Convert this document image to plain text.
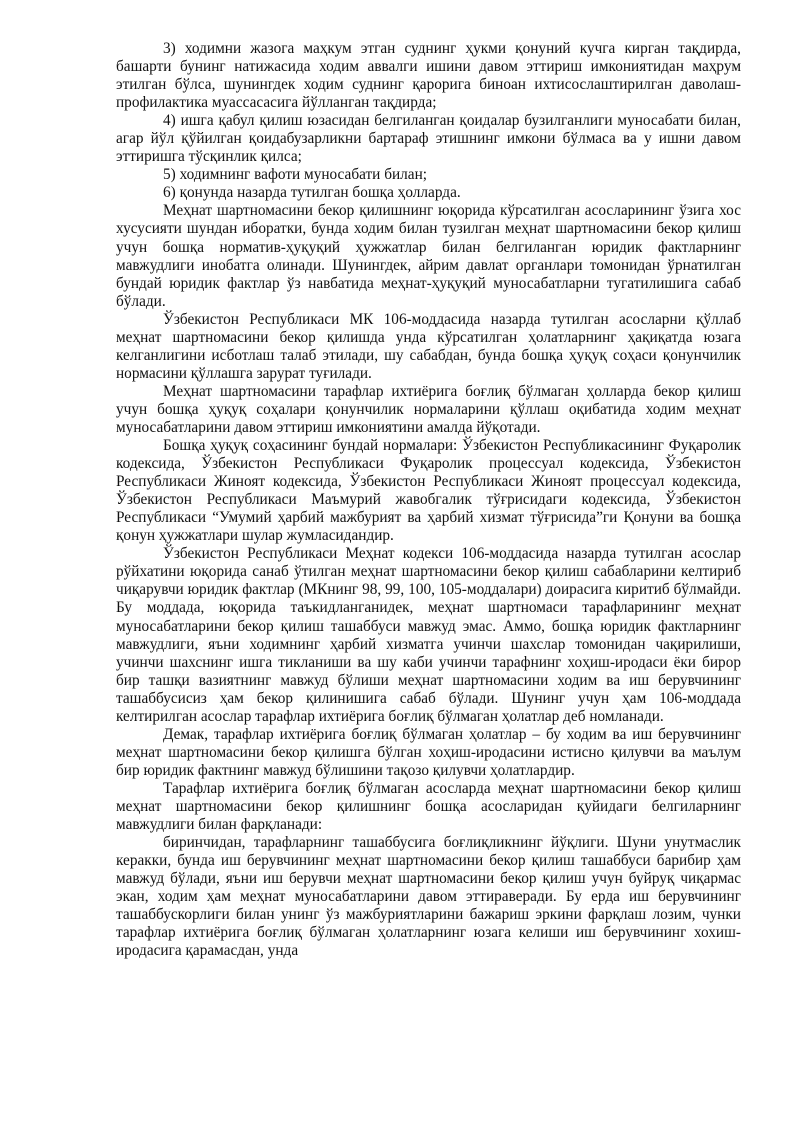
3) ходимни жазога маҳкум этган суднинг ҳукми қонуний кучга кирган тақдирда, башарти бунинг натижасида ходим аввалги ишини давом эттириш имкониятидан маҳрум этилган бўлса, шунингдек ходим суднинг қарорига биноан ихтисослаштирилган даволаш-профилактика муассасасига йўлланган тақдирда;

4) ишга қабул қилиш юзасидан белгиланган қоидалар бузилганлиги муносабати билан, агар йўл қўйилган қоидабузарликни бартараф этишнинг имкони бўлмаса ва у ишни давом эттиришга тўсқинлик қилса;

5) ходимнинг вафоти муносабати билан;

6) қонунда назарда тутилган бошқа ҳолларда.

Меҳнат шартномасини бекор қилишнинг юқорида кўрсатилган асосларининг ўзига хос хусусияти шундан иборатки, бунда ходим билан тузилган меҳнат шартномасини бекор қилиш учун бошқа норматив-ҳуқуқий ҳужжатлар билан белгиланган юридик фактларнинг мавжудлиги инобатга олинади. Шунингдек, айрим давлат органлари томонидан ўрнатилган бундай юридик фактлар ўз навбатида меҳнат-ҳуқуқий муносабатларни тугатилишига сабаб бўлади.

Ўзбекистон Республикаси МК 106-моддасида назарда тутилган асосларни қўллаб меҳнат шартномасини бекор қилишда унда кўрсатилган ҳолатларнинг ҳақиқатда юзага келганлигини исботлаш талаб этилади, шу сабабдан, бунда бошқа ҳуқуқ соҳаси қонунчилик нормасини қўллашга зарурат туғилади.

Меҳнат шартномасини тарафлар ихтиёрига боғлиқ бўлмаган ҳолларда бекор қилиш учун бошқа ҳуқуқ соҳалари қонунчилик нормаларини қўллаш оқибатида ходим меҳнат муносабатларини давом эттириш имкониятини амалда йўқотади.

Бошқа ҳуқуқ соҳасининг бундай нормалари: Ўзбекистон Республикасининг Фуқаролик кодексида, Ўзбекистон Республикаси Фуқаролик процессуал кодексида, Ўзбекистон Республикаси Жиноят кодексида, Ўзбекистон Республикаси Жиноят процессуал кодексида, Ўзбекистон Республикаси Маъмурий жавобгалик тўғрисидаги кодексида, Ўзбекистон Республикаси “Умумий ҳарбий мажбурият ва ҳарбий хизмат тўғрисида”ги Қонуни ва бошқа қонун ҳужжатлари шулар жумласидандир.

Ўзбекистон Республикаси Меҳнат кодекси 106-моддасида назарда тутилган асослар рўйхатини юқорида санаб ўтилган меҳнат шартномасини бекор қилиш сабабларини келтириб чиқарувчи юридик фактлар (МКнинг 98, 99, 100, 105-моддалари) доирасига киритиб бўлмайди. Бу моддада, юқорида таъкидланганидек, меҳнат шартномаси тарафларининг меҳнат муносабатларини бекор қилиш ташаббуси мавжуд эмас. Аммо, бошқа юридик фактларнинг мавжудлиги, яъни ходимнинг ҳарбий хизматга учинчи шахслар томонидан чақирилиши, учинчи шахснинг ишга тикланиши ва шу каби учинчи тарафнинг хоҳиш-иродаси ёки бирор бир ташқи вазиятнинг мавжуд бўлиши меҳнат шартномасини ходим ва иш берувчининг ташаббусисиз ҳам бекор қилинишига сабаб бўлади. Шунинг учун ҳам 106-моддада келтирилган асослар тарафлар ихтиёрига боғлиқ бўлмаган ҳолатлар деб номланади.

Демак, тарафлар ихтиёрига боғлиқ бўлмаган ҳолатлар – бу ходим ва иш берувчининг меҳнат шартномасини бекор қилишга бўлган хоҳиш-иродасини истисно қилувчи ва маълум бир юридик фактнинг мавжуд бўлишини тақозо қилувчи ҳолатлардир.

Тарафлар ихтиёрига боғлиқ бўлмаган асосларда меҳнат шартномасини бекор қилиш меҳнат шартномасини бекор қилишнинг бошқа асосларидан қуйидаги белгиларнинг мавжудлиги билан фарқланади:

биринчидан, тарафларнинг ташаббусига боғлиқликнинг йўқлиги. Шуни унутмаслик керакки, бунда иш берувчининг меҳнат шартномасини бекор қилиш ташаббуси барибир ҳам мавжуд бўлади, яъни иш берувчи меҳнат шартномасини бекор қилиш учун буйруқ чиқармас экан, ходим ҳам меҳнат муносабатларини давом эттираверади. Бу ерда иш берувчининг ташаббускорлиги билан унинг ўз мажбуриятларини бажариш эркини фарқлаш лозим, чунки тарафлар ихтиёрига боғлиқ бўлмаган ҳолатларнинг юзага келиши иш берувчининг хохиш-иродасига қарамасдан, унда
